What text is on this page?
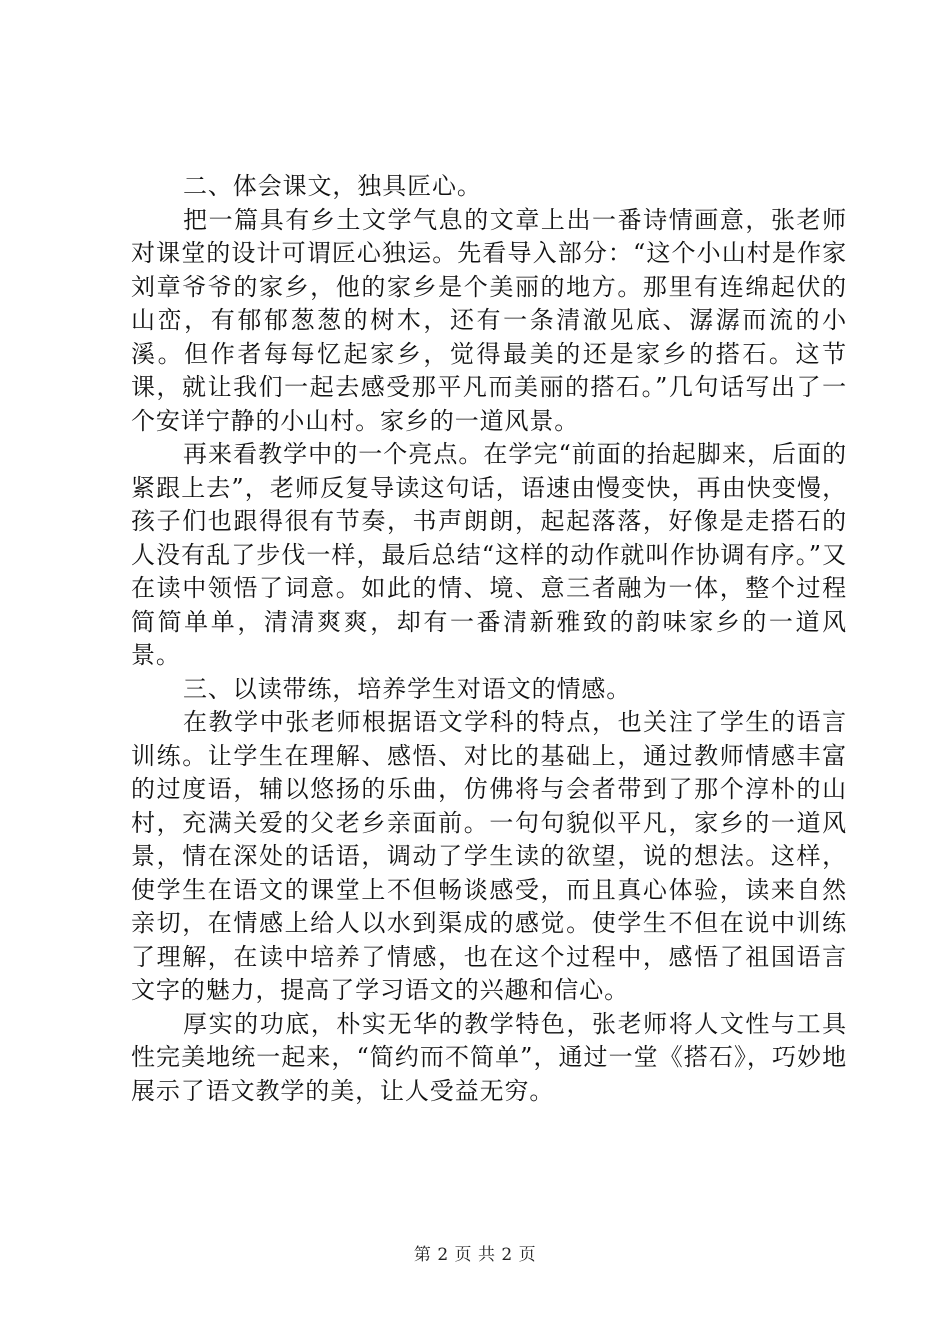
二、体会课文，独具匠心。

把一篇具有乡土文学气息的文章上出一番诗情画意，张老师对课堂的设计可谓匠心独运。先看导入部分：“这个小山村是作家刘章爷爷的家乡，他的家乡是个美丽的地方。那里有连绵起伏的山峦，有郁郁葱葱的树木，还有一条清澈见底、潺潺而流的小溪。但作者每每忆起家乡，觉得最美的还是家乡的搭石。这节课，就让我们一起去感受那平凡而美丽的搭石。”几句话写出了一个安详宁静的小山村。家乡的一道风景。

再来看教学中的一个亮点。在学完“前面的抬起脚来，后面的紧跟上去”，老师反复导读这句话，语速由慢变快，再由快变慢，孩子们也跟得很有节奏，书声朗朗，起起落落，好像是走搭石的人没有乱了步伐一样，最后总结“这样的动作就叫作协调有序。”又在读中领悟了词意。如此的情、境、意三者融为一体，整个过程简简单单，清清爽爽，却有一番清新雅致的韵味家乡的一道风景。

三、以读带练，培养学生对语文的情感。

在教学中张老师根据语文学科的特点，也关注了学生的语言训练。让学生在理解、感悟、对比的基础上，通过教师情感丰富的过度语，辅以悠扬的乐曲，仿佛将与会者带到了那个淳朴的山村，充满关爱的父老乡亲面前。一句句貌似平凡，家乡的一道风景，情在深处的话语，调动了学生读的欲望，说的想法。这样，使学生在语文的课堂上不但畅谈感受，而且真心体验，读来自然亲切，在情感上给人以水到渠成的感觉。使学生不但在说中训练了理解，在读中培养了情感，也在这个过程中，感悟了祖国语言文字的魅力，提高了学习语文的兴趣和信心。

厚实的功底，朴实无华的教学特色，张老师将人文性与工具性完美地统一起来，“简约而不简单”，通过一堂《搭石》，巧妙地展示了语文教学的美，让人受益无穷。

第 2 页 共 2 页
